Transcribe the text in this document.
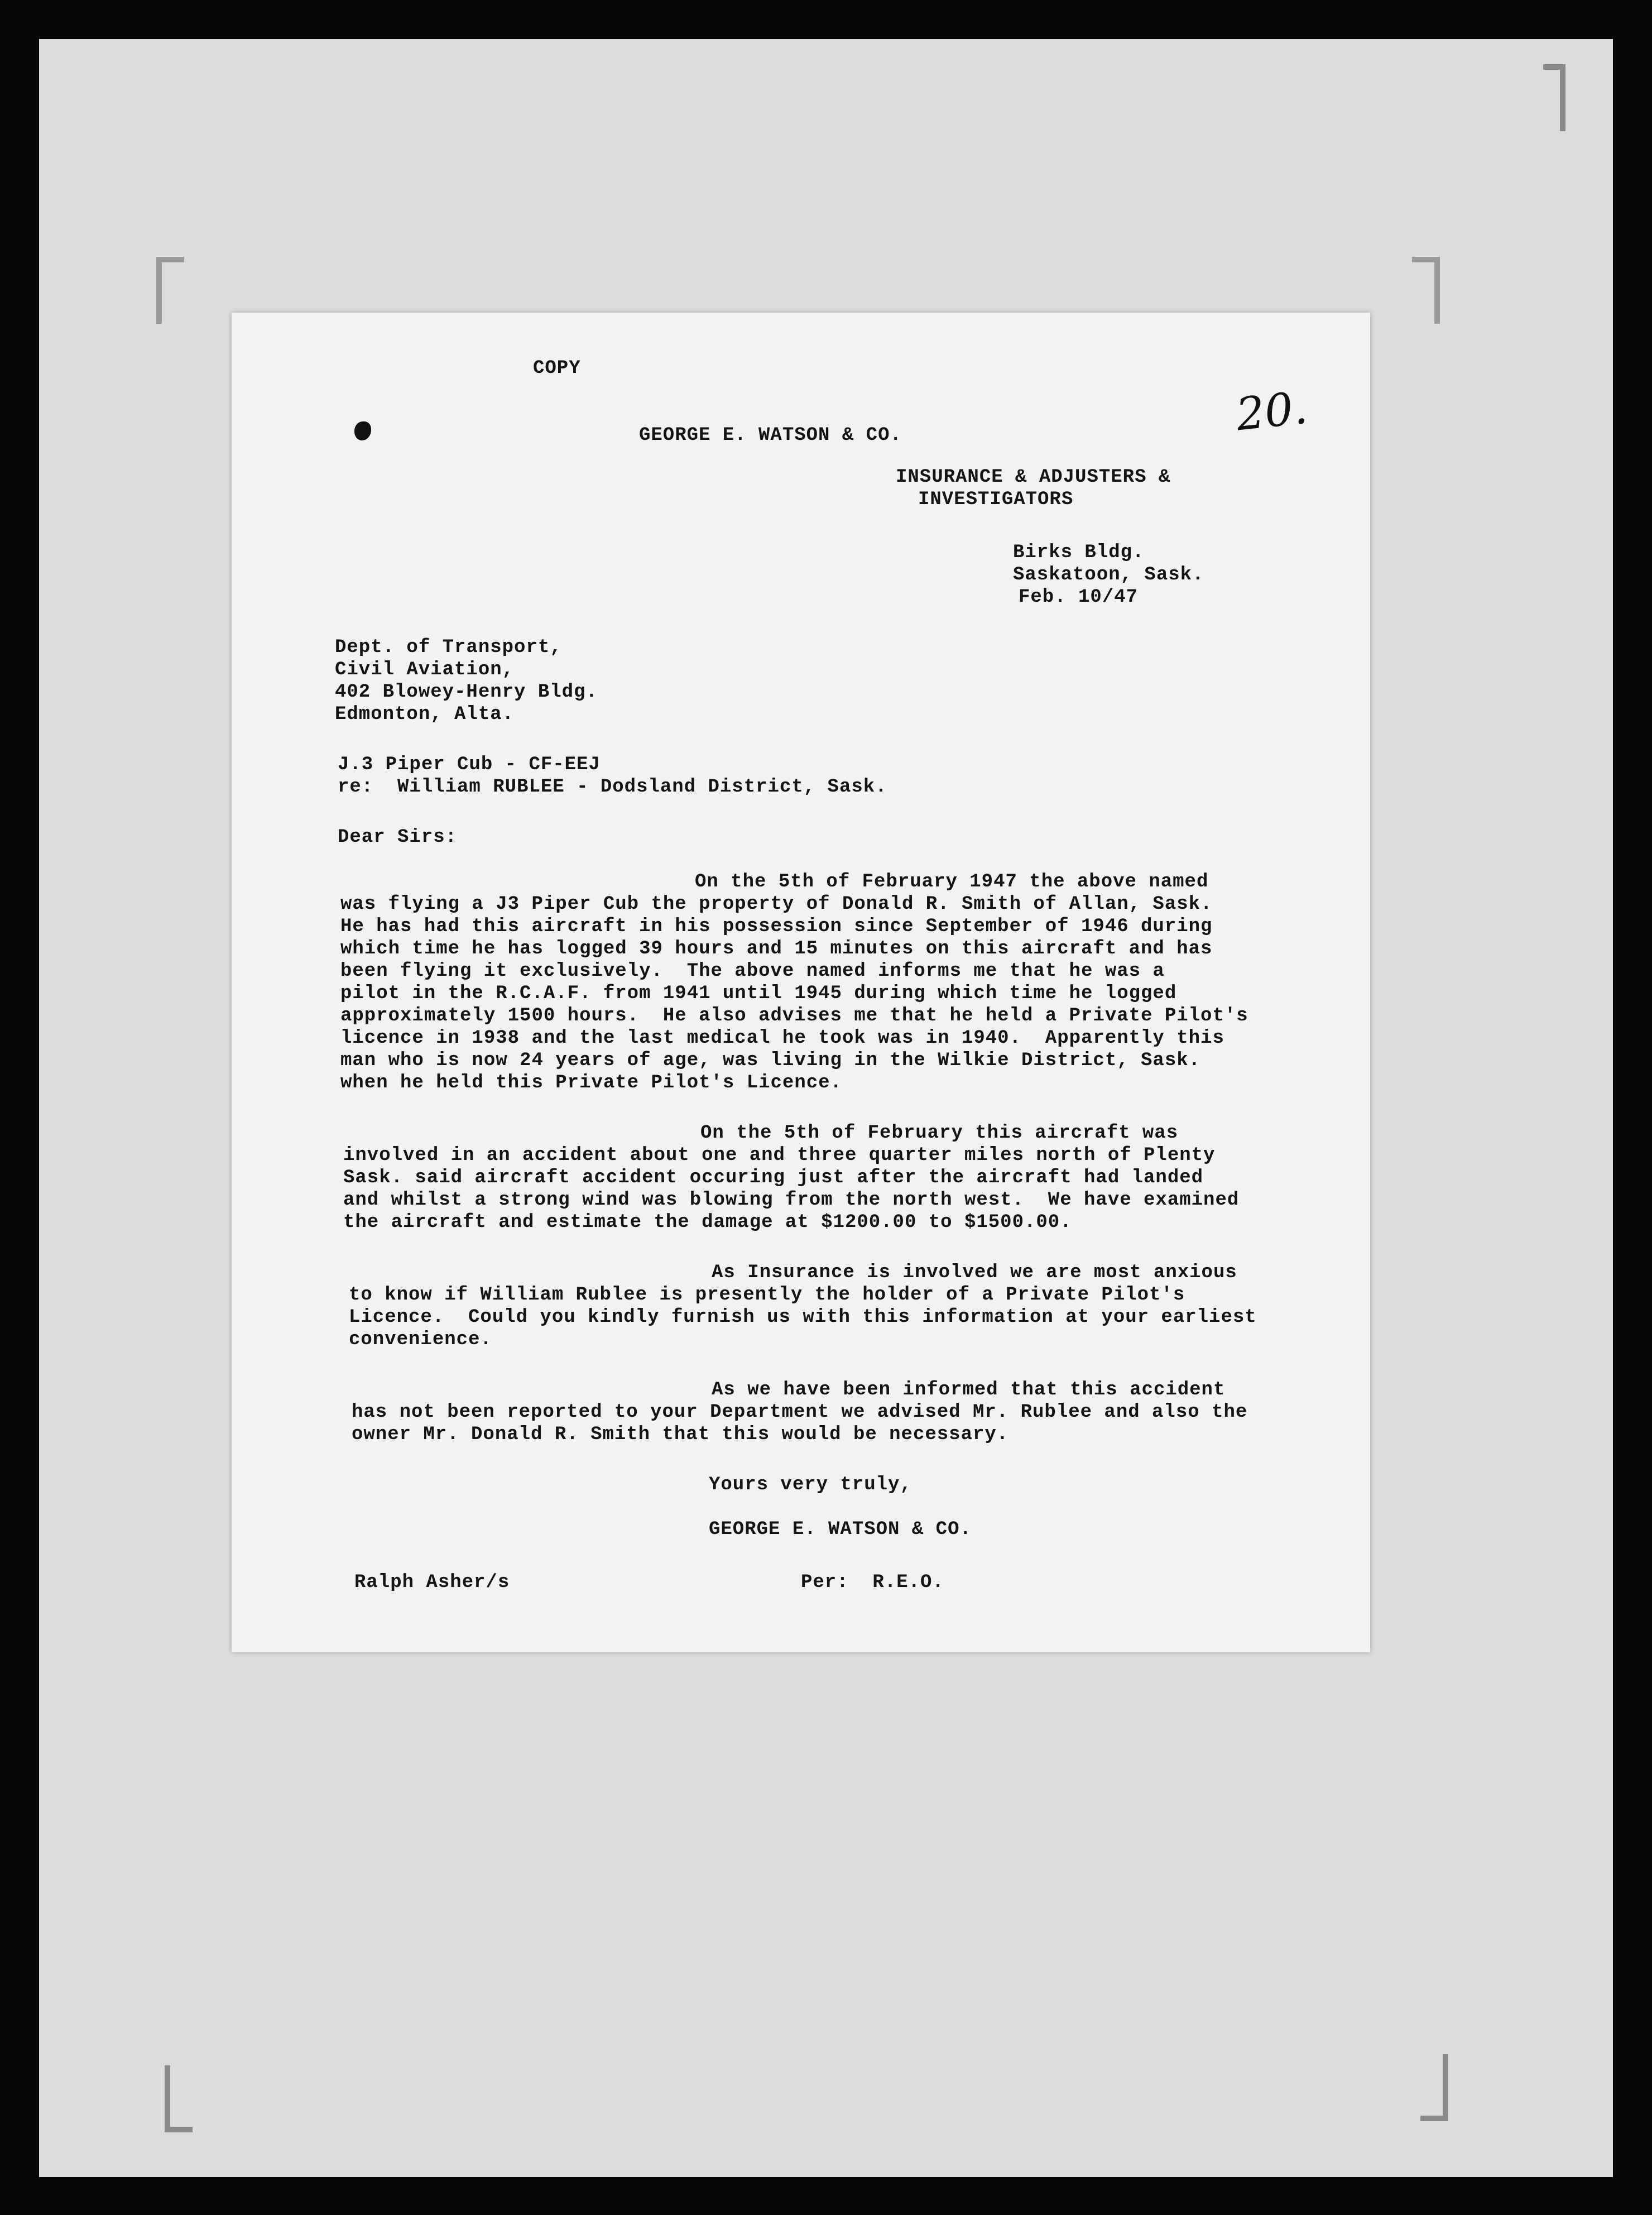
COPY
20.
GEORGE E. WATSON & CO.
INSURANCE & ADJUSTERS &
INVESTIGATORS
Birks Bldg.
Saskatoon, Sask.
Feb. 10/47
Dept. of Transport,
Civil Aviation,
402 Blowey-Henry Bldg.
Edmonton, Alta.
J.3 Piper Cub - CF-EEJ
re:  William RUBLEE - Dodsland District, Sask.
Dear Sirs:
On the 5th of February 1947 the above named
was flying a J3 Piper Cub the property of Donald R. Smith of Allan, Sask.
He has had this aircraft in his possession since September of 1946 during
which time he has logged 39 hours and 15 minutes on this aircraft and has
been flying it exclusively.  The above named informs me that he was a
pilot in the R.C.A.F. from 1941 until 1945 during which time he logged
approximately 1500 hours.  He also advises me that he held a Private Pilot's
licence in 1938 and the last medical he took was in 1940.  Apparently this
man who is now 24 years of age, was living in the Wilkie District, Sask.
when he held this Private Pilot's Licence.
On the 5th of February this aircraft was
involved in an accident about one and three quarter miles north of Plenty
Sask. said aircraft accident occuring just after the aircraft had landed
and whilst a strong wind was blowing from the north west.  We have examined
the aircraft and estimate the damage at $1200.00 to $1500.00.
As Insurance is involved we are most anxious
to know if William Rublee is presently the holder of a Private Pilot's
Licence.  Could you kindly furnish us with this information at your earliest
convenience.
As we have been informed that this accident
has not been reported to your Department we advised Mr. Rublee and also the
owner Mr. Donald R. Smith that this would be necessary.
Yours very truly,
GEORGE E. WATSON & CO.
Ralph Asher/s	Per:  R.E.O.
